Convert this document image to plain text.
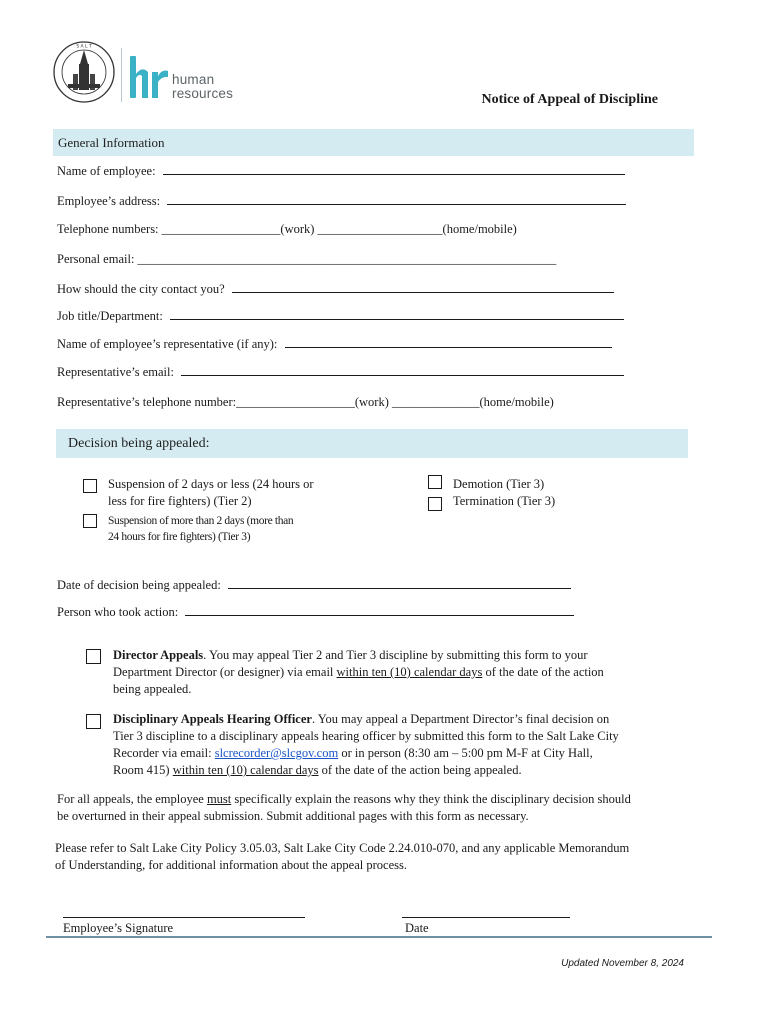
S A L T
human
resources	Notice of Appeal of Discipline
General Information
Name of employee:
Employee’s address:
Telephone numbers: ___________________(work) ____________________(home/mobile)
Personal email: ___________________________________________________________________
How should the city contact you?
Job title/Department:
Name of employee’s representative (if any):
Representative’s email:
Representative’s telephone number:___________________(work) ______________(home/mobile)
Decision being appealed:
Suspension of 2 days or less (24 hours or
less for fire fighters) (Tier 2)
Suspension of more than 2 days (more than
24 hours for fire fighters) (Tier 3)
Demotion (Tier 3)
Termination (Tier 3)
Date of decision being appealed:
Person who took action:
Director Appeals. You may appeal Tier 2 and Tier 3 discipline by submitting this form to your
Department Director (or designer) via email within ten (10) calendar days of the date of the action
being appealed.
Disciplinary Appeals Hearing Officer. You may appeal a Department Director’s final decision on
Tier 3 discipline to a disciplinary appeals hearing officer by submitted this form to the Salt Lake City
Recorder via email: slcrecorder@slcgov.com or in person (8:30 am – 5:00 pm M-F at City Hall,
Room 415) within ten (10) calendar days of the date of the action being appealed.
For all appeals, the employee must specifically explain the reasons why they think the disciplinary decision should
be overturned in their appeal submission. Submit additional pages with this form as necessary.
Please refer to Salt Lake City Policy 3.05.03, Salt Lake City Code 2.24.010-070, and any applicable Memorandum
of Understanding, for additional information about the appeal process.
Employee’s Signature	Date
Updated November 8, 2024
